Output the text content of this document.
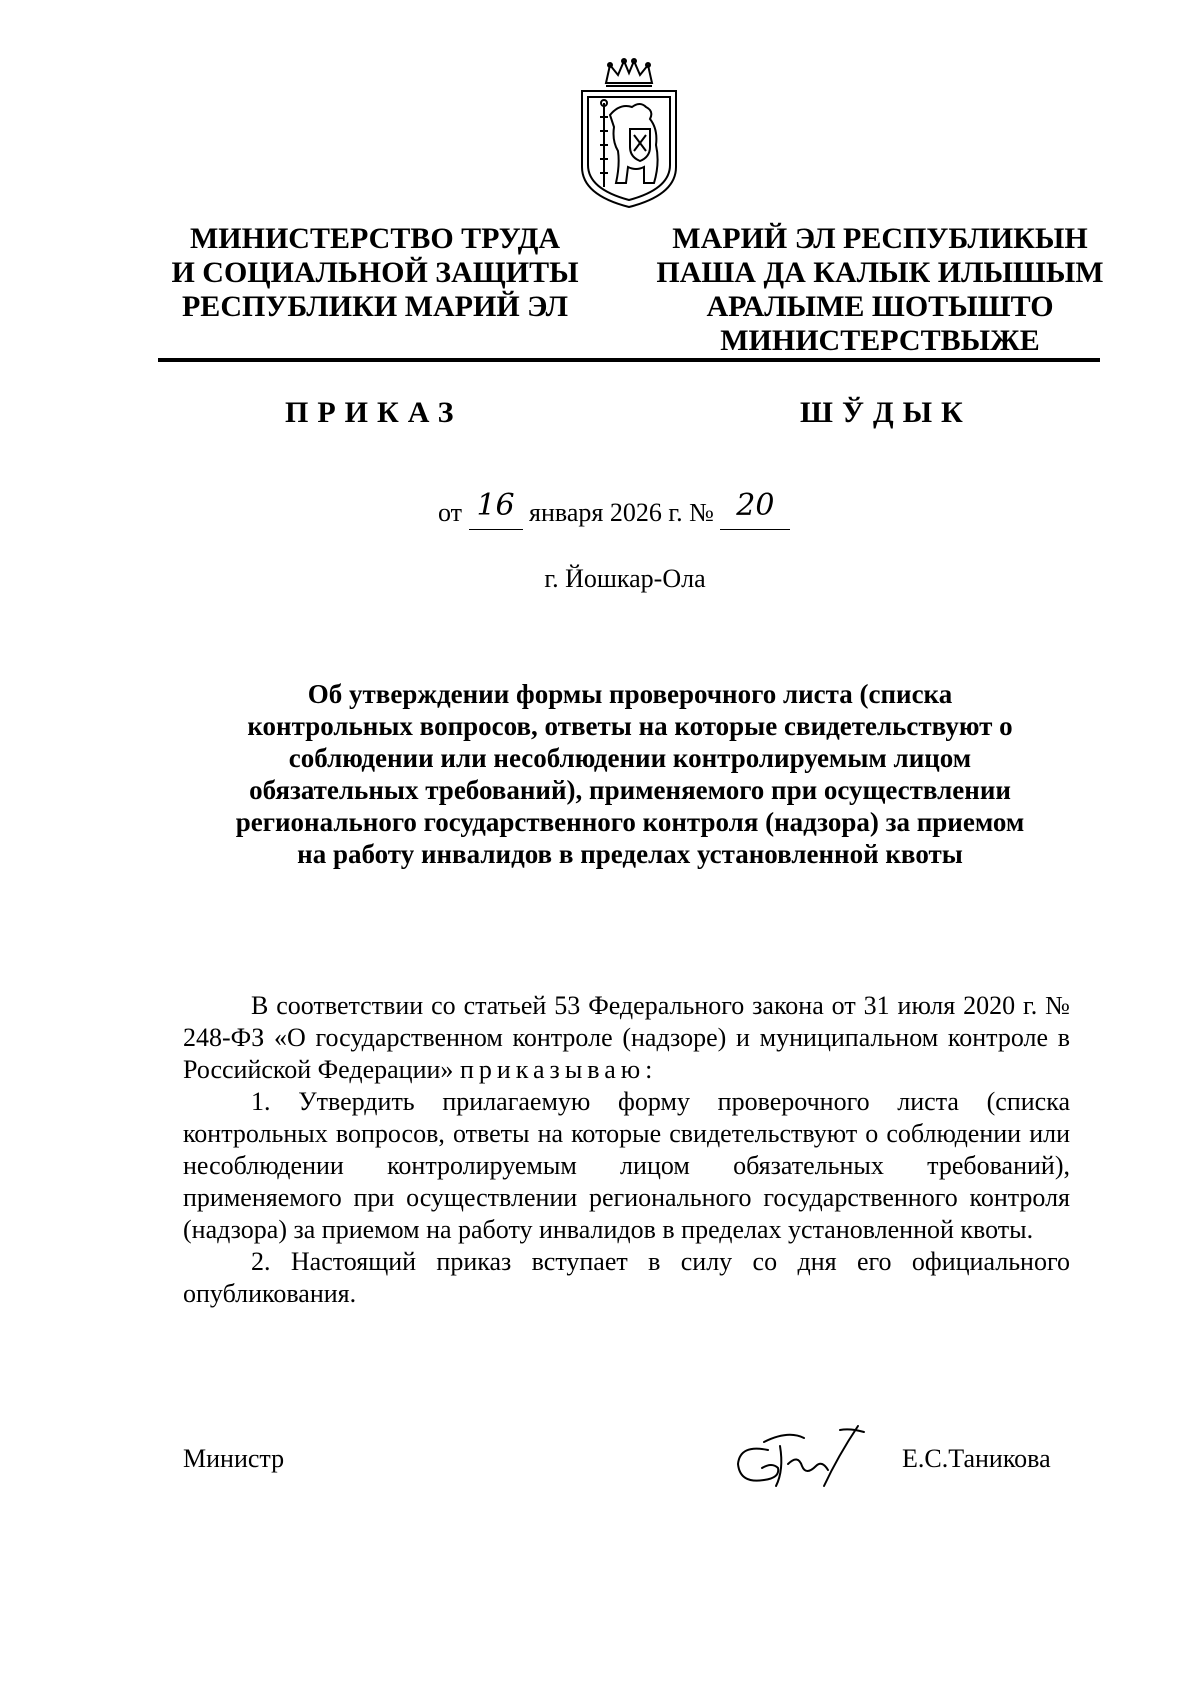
МИНИСТЕРСТВО ТРУДА
И СОЦИАЛЬНОЙ ЗАЩИТЫ
РЕСПУБЛИКИ МАРИЙ ЭЛ
МАРИЙ ЭЛ РЕСПУБЛИКЫН
ПАША ДА КАЛЫК ИЛЫШЫМ
АРАЛЫМЕ ШОТЫШТО
МИНИСТЕРСТВЫЖЕ
ПРИКАЗ	ШЎДЫК
от 16 января 2026 г. № 20
г. Йошкар-Ола
Об утверждении формы проверочного листа (списка контрольных вопросов, ответы на которые свидетельствуют о соблюдении или несоблюдении контролируемым лицом обязательных требований), применяемого при осуществлении регионального государственного контроля (надзора) за приемом на работу инвалидов в пределах установленной квоты

В соответствии со статьей 53 Федерального закона от 31 июля 2020 г. № 248-ФЗ «О государственном контроле (надзоре) и муниципальном контроле в Российской Федерации» приказываю:

1. Утвердить прилагаемую форму проверочного листа (списка контрольных вопросов, ответы на которые свидетельствуют о соблюдении или несоблюдении контролируемым лицом обязательных требований), применяемого при осуществлении регионального государственного контроля (надзора) за приемом на работу инвалидов в пределах установленной квоты.

2. Настоящий приказ вступает в силу со дня его официального опубликования.

Министр	Е.С.Таникова
